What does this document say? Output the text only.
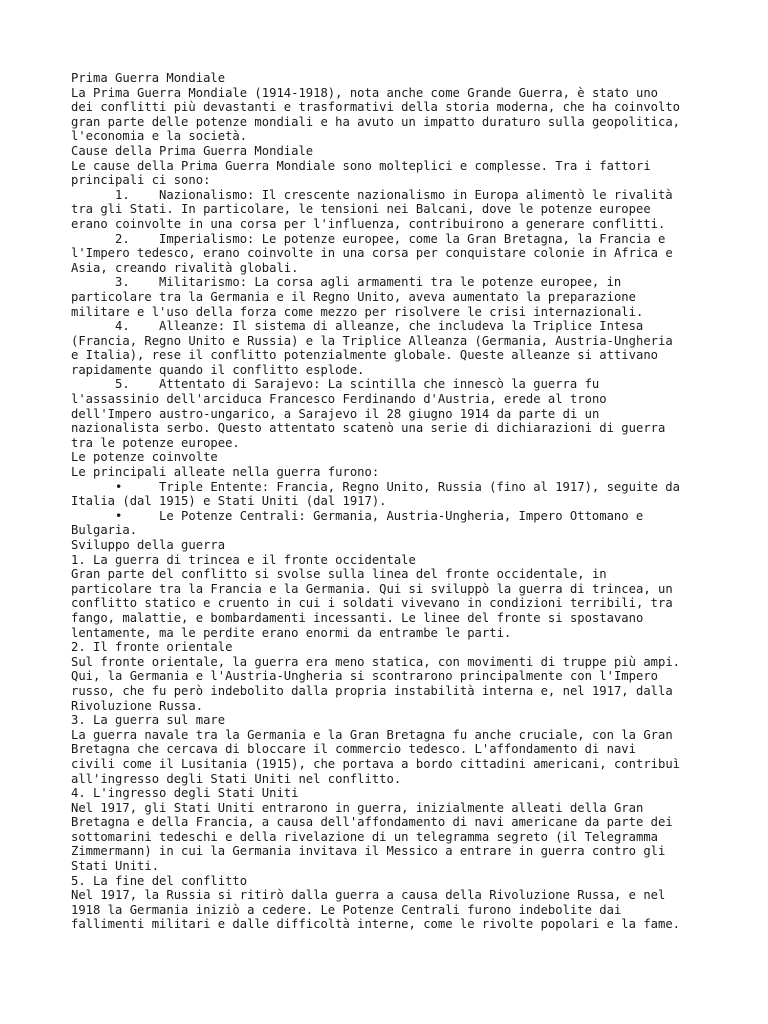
Prima Guerra Mondiale
La Prima Guerra Mondiale (1914-1918), nota anche come Grande Guerra, è stato uno
dei conflitti più devastanti e trasformativi della storia moderna, che ha coinvolto
gran parte delle potenze mondiali e ha avuto un impatto duraturo sulla geopolitica,
l'economia e la società.
Cause della Prima Guerra Mondiale
Le cause della Prima Guerra Mondiale sono molteplici e complesse. Tra i fattori
principali ci sono:
1. Nazionalismo: Il crescente nazionalismo in Europa alimentò le rivalità
tra gli Stati. In particolare, le tensioni nei Balcani, dove le potenze europee
erano coinvolte in una corsa per l'influenza, contribuirono a generare conflitti.
2. Imperialismo: Le potenze europee, come la Gran Bretagna, la Francia e
l'Impero tedesco, erano coinvolte in una corsa per conquistare colonie in Africa e
Asia, creando rivalità globali.
3. Militarismo: La corsa agli armamenti tra le potenze europee, in
particolare tra la Germania e il Regno Unito, aveva aumentato la preparazione
militare e l'uso della forza come mezzo per risolvere le crisi internazionali.
4. Alleanze: Il sistema di alleanze, che includeva la Triplice Intesa
(Francia, Regno Unito e Russia) e la Triplice Alleanza (Germania, Austria-Ungheria
e Italia), rese il conflitto potenzialmente globale. Queste alleanze si attivano
rapidamente quando il conflitto esplode.
5. Attentato di Sarajevo: La scintilla che innescò la guerra fu
l'assassinio dell'arciduca Francesco Ferdinando d'Austria, erede al trono
dell'Impero austro-ungarico, a Sarajevo il 28 giugno 1914 da parte di un
nazionalista serbo. Questo attentato scatenò una serie di dichiarazioni di guerra
tra le potenze europee.
Le potenze coinvolte
Le principali alleate nella guerra furono:
•	Triple Entente: Francia, Regno Unito, Russia (fino al 1917), seguite da
Italia (dal 1915) e Stati Uniti (dal 1917).
•	Le Potenze Centrali: Germania, Austria-Ungheria, Impero Ottomano e
Bulgaria.
Sviluppo della guerra
1. La guerra di trincea e il fronte occidentale
Gran parte del conflitto si svolse sulla linea del fronte occidentale, in
particolare tra la Francia e la Germania. Qui si sviluppò la guerra di trincea, un
conflitto statico e cruento in cui i soldati vivevano in condizioni terribili, tra
fango, malattie, e bombardamenti incessanti. Le linee del fronte si spostavano
lentamente, ma le perdite erano enormi da entrambe le parti.
2. Il fronte orientale
Sul fronte orientale, la guerra era meno statica, con movimenti di truppe più ampi.
Qui, la Germania e l'Austria-Ungheria si scontrarono principalmente con l'Impero
russo, che fu però indebolito dalla propria instabilità interna e, nel 1917, dalla
Rivoluzione Russa.
3. La guerra sul mare
La guerra navale tra la Germania e la Gran Bretagna fu anche cruciale, con la Gran
Bretagna che cercava di bloccare il commercio tedesco. L'affondamento di navi
civili come il Lusitania (1915), che portava a bordo cittadini americani, contribuì
all'ingresso degli Stati Uniti nel conflitto.
4. L'ingresso degli Stati Uniti
Nel 1917, gli Stati Uniti entrarono in guerra, inizialmente alleati della Gran
Bretagna e della Francia, a causa dell'affondamento di navi americane da parte dei
sottomarini tedeschi e della rivelazione di un telegramma segreto (il Telegramma
Zimmermann) in cui la Germania invitava il Messico a entrare in guerra contro gli
Stati Uniti.
5. La fine del conflitto
Nel 1917, la Russia si ritirò dalla guerra a causa della Rivoluzione Russa, e nel
1918 la Germania iniziò a cedere. Le Potenze Centrali furono indebolite dai
fallimenti militari e dalle difficoltà interne, come le rivolte popolari e la fame.
